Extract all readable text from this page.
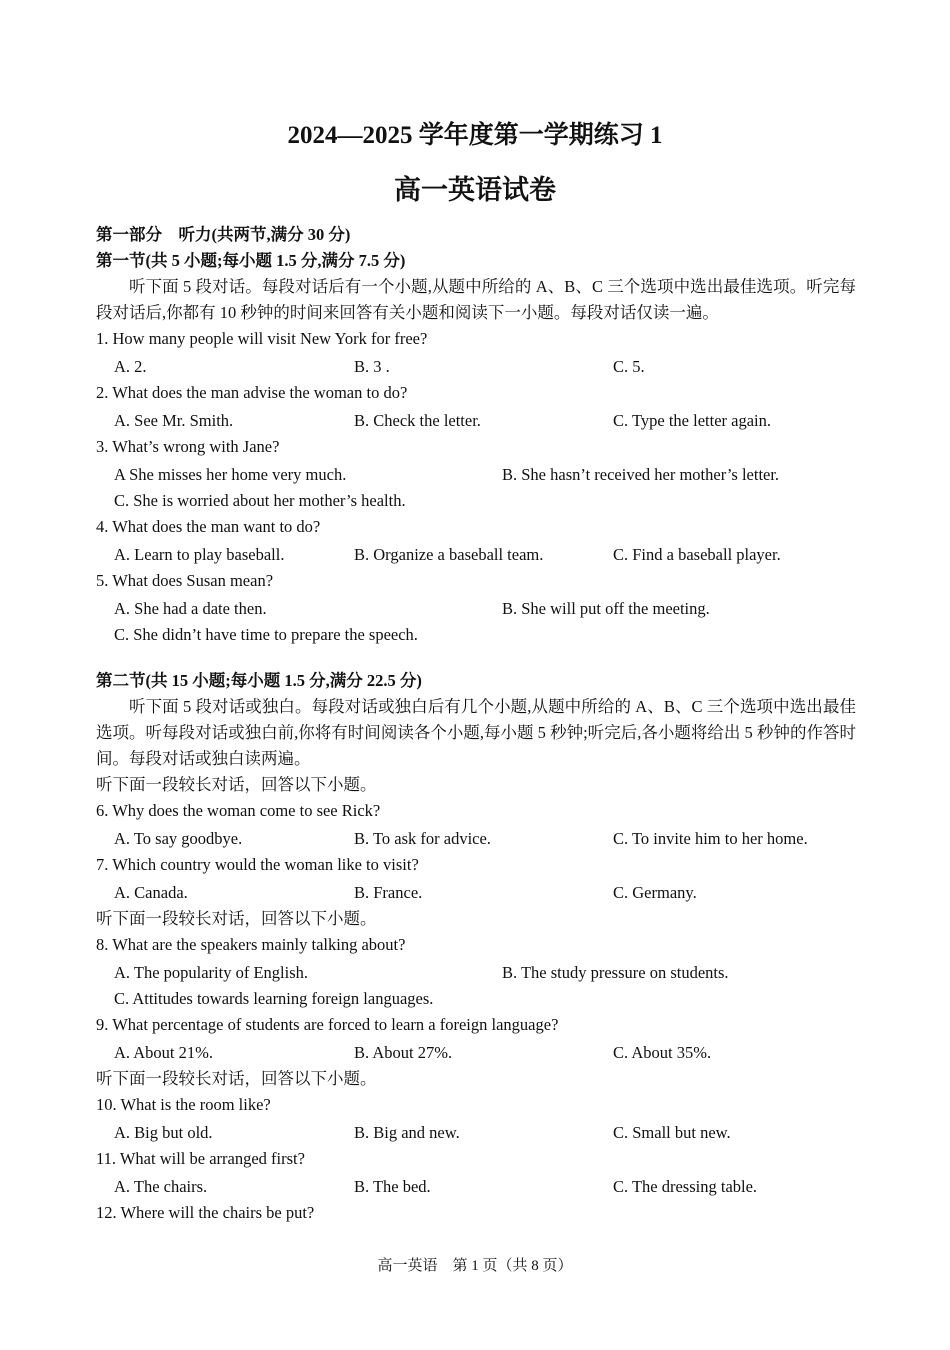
2024—2025 学年度第一学期练习 1
高一英语试卷
第一部分　听力(共两节,满分 30 分)
第一节(共 5 小题;每小题 1.5 分,满分 7.5 分)
听下面 5 段对话。每段对话后有一个小题,从题中所给的 A、B、C 三个选项中选出最佳选项。听完每段对话后,你都有 10 秒钟的时间来回答有关小题和阅读下一小题。每段对话仅读一遍。
1. How many people will visit New York for free?
A. 2.	B. 3 .	C. 5.
2. What does the man advise the woman to do?
A. See Mr. Smith.	B. Check the letter.	C. Type the letter again.
3. What’s wrong with Jane?
A She misses her home very much.	B. She hasn’t received her mother’s letter.
C. She is worried about her mother’s health.
4. What does the man want to do?
A. Learn to play baseball.	B. Organize a baseball team.	C. Find a baseball player.
5. What does Susan mean?
A. She had a date then.	B. She will put off the meeting.
C. She didn’t have time to prepare the speech.
第二节(共 15 小题;每小题 1.5 分,满分 22.5 分)
听下面 5 段对话或独白。每段对话或独白后有几个小题,从题中所给的 A、B、C 三个选项中选出最佳选项。听每段对话或独白前,你将有时间阅读各个小题,每小题 5 秒钟;听完后,各小题将给出 5 秒钟的作答时间。每段对话或独白读两遍。
听下面一段较长对话，回答以下小题。
6. Why does the woman come to see Rick?
A. To say goodbye.	B. To ask for advice.	C. To invite him to her home.
7. Which country would the woman like to visit?
A. Canada.	B. France.	C. Germany.
听下面一段较长对话，回答以下小题。
8. What are the speakers mainly talking about?
A. The popularity of English.	B. The study pressure on students.
C. Attitudes towards learning foreign languages.
9. What percentage of students are forced to learn a foreign language?
A. About 21%.	B. About 27%.	C. About 35%.
听下面一段较长对话，回答以下小题。
10. What is the room like?
A. Big but old.	B. Big and new.	C. Small but new.
11. What will be arranged first?
A. The chairs.	B. The bed.	C. The dressing table.
12. Where will the chairs be put?
高一英语　第 1 页（共 8 页）
